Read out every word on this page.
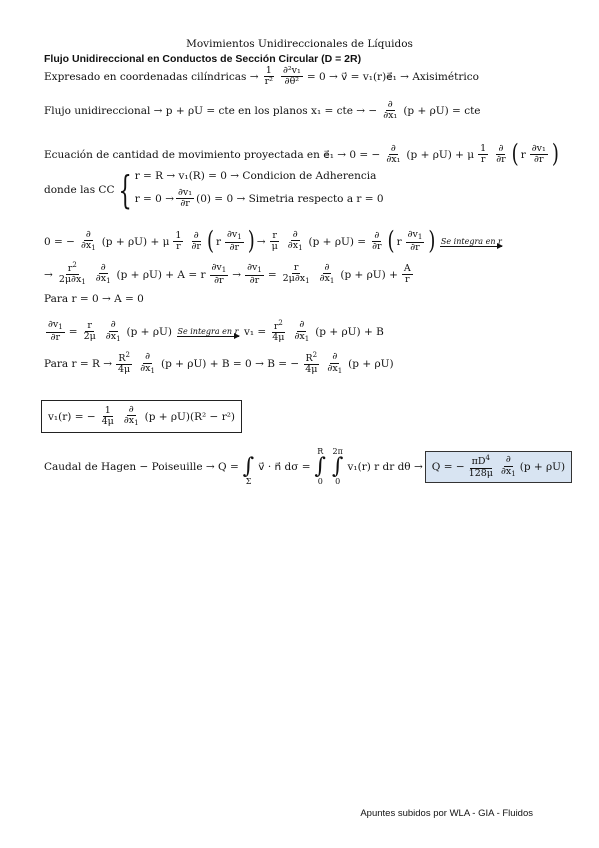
Movimientos Unidireccionales de Líquidos
Flujo Unidireccional en Conductos de Sección Circular (D = 2R)
Expresado en coordenadas cilíndricas → $\frac{1}{\text{r²}} \frac{\text{∂²v₁}}{\text{∂θ²}} = 0$ → v⃗ = v₁(r)e⃗₁ → Axisimétrico
Flujo unidireccional → p + ρU = cte en los planos x₁ = cte → − $\frac{\partial}{\text{∂x₁}} (p + \rho U)$ = cte
Ecuación de cantidad de movimiento proyectada en e⃗₁ → 0 = − $\frac{\partial}{\text{∂x₁}} (p + \rho U) + \mu \frac{1}{r} \frac{\partial}{\partial r}$ ( r $\frac{\text{∂v₁}}{\partial r}$ )
donde las CC { r = R → v₁(R) = 0 → Condicion de Adherencia
$r = 0 \to \frac{\text{∂v₁}}{\partial r} (0) = 0$ → Simetria respecto a r = 0
0 = − $\frac{\partial}{\partial x_1} (p + \rho U) + \mu \frac{1}{r} \frac{\partial}{\partial r}$ ( r $\frac{\partial v_1}{\partial r}$ ) → $\frac{r}{\mu} \frac{\partial}{\partial x_1} (p + \rho U) = \frac{\partial}{\partial r}$ ( r $\frac{\partial v_1}{\partial r}$ ) Se integra en r
→ $\frac{r^2}{2\mu\partial x_1} \frac{\partial}{\partial x_1} (p + \rho U) + A = r \frac{\partial v_1}{\partial r} \to \frac{\partial v_1}{\partial r} = \frac{r}{2\mu\partial x_1} \frac{\partial}{\partial x_1} (p + \rho U) + \frac{A}{r}$
Para r = 0 → A = 0
$\frac{\partial v_1}{\partial r} = \frac{r}{2\mu} \frac{\partial}{\partial x_1} (p + \rho U)$ Se integra en r $v_1 = \frac{r^2}{4\mu} \frac{\partial}{\partial x_1} (p + \rho U) + B$
Para $r = R \to \frac{R^2}{4\mu} \frac{\partial}{\partial x_1} (p + \rho U) + B = 0 \to B$ = − $\frac{R^2}{4\mu} \frac{\partial}{\partial x_1} (p + \rho U)$
v₁(r) = − $\frac{1}{4\mu} \frac{\partial}{\partial x_1} (p + \rho U)(R^2 - r^2)$
Caudal de Hagen − Poiseuille → Q =
∫
Σ
v⃗ · n⃗ dσ =
R
∫
0
2π
∫
0
v₁(r) r dr dθ → Q = − $\frac{\pi D^4}{128\mu} \frac{\partial}{\partial x_1} (p + \rho U)$
Apuntes subidos por WLA - GIA - Fluidos
